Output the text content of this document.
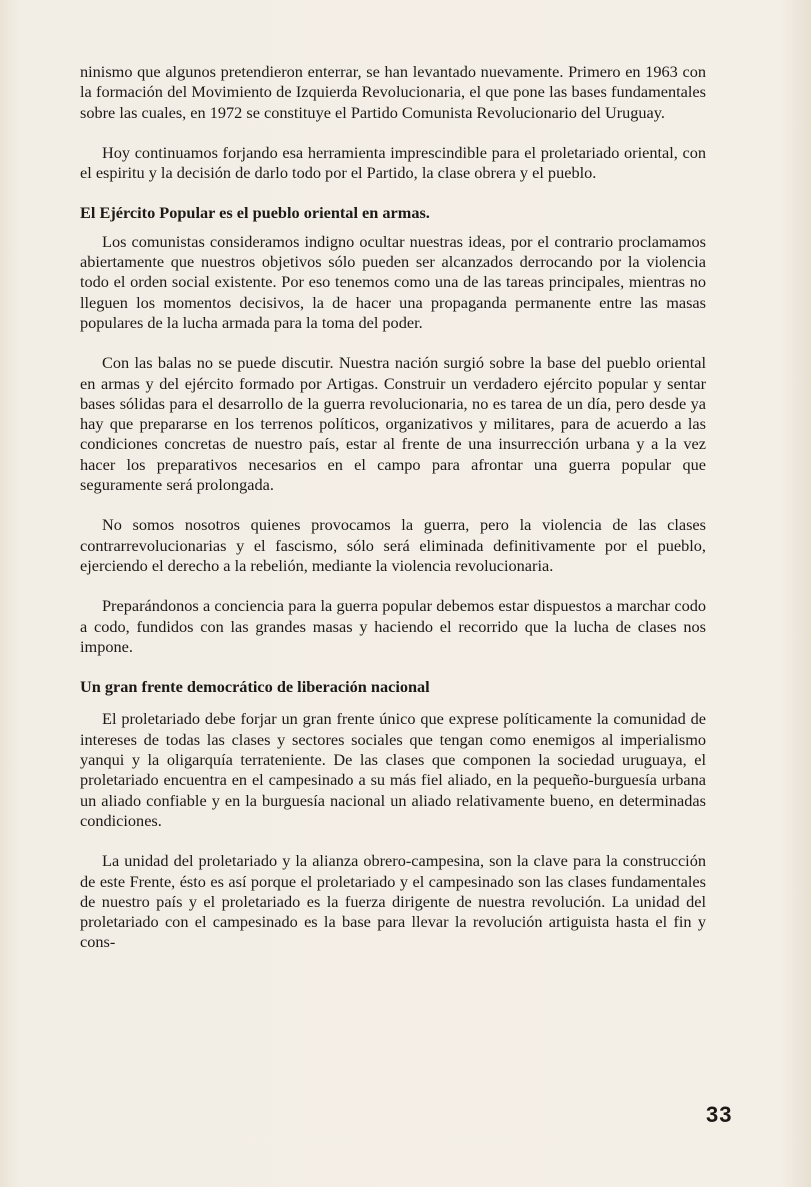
ninismo que algunos pretendieron enterrar, se han levantado nuevamente. Primero en 1963 con la formación del Movimiento de Izquierda Revolucionaria, el que pone las bases fundamentales sobre las cuales, en 1972 se constituye el Partido Comunista Revolucionario del Uruguay.

Hoy continuamos forjando esa herramienta imprescindible para el proletariado oriental, con el espiritu y la decisión de darlo todo por el Partido, la clase obrera y el pueblo.

El Ejército Popular es el pueblo oriental en armas.

Los comunistas consideramos indigno ocultar nuestras ideas, por el contrario proclamamos abiertamente que nuestros objetivos sólo pueden ser alcanzados derrocando por la violencia todo el orden social existente. Por eso tenemos como una de las tareas principales, mientras no lleguen los momentos decisivos, la de hacer una propaganda permanente entre las masas populares de la lucha armada para la toma del poder.

Con las balas no se puede discutir. Nuestra nación surgió sobre la base del pueblo oriental en armas y del ejército formado por Artigas. Construir un verdadero ejército popular y sentar bases sólidas para el desarrollo de la guerra revolucionaria, no es tarea de un día, pero desde ya hay que prepararse en los terrenos políticos, organizativos y militares, para de acuerdo a las condiciones concretas de nuestro país, estar al frente de una insurrección urbana y a la vez hacer los preparativos necesarios en el campo para afrontar una guerra popular que seguramente será prolongada.

No somos nosotros quienes provocamos la guerra, pero la violencia de las clases contrarrevolucionarias y el fascismo, sólo será eliminada definitivamente por el pueblo, ejerciendo el derecho a la rebelión, mediante la violencia revolucionaria.

Preparándonos a conciencia para la guerra popular debemos estar dispuestos a marchar codo a codo, fundidos con las grandes masas y haciendo el recorrido que la lucha de clases nos impone.

Un gran frente democrático de liberación nacional

El proletariado debe forjar un gran frente único que exprese políticamente la comunidad de intereses de todas las clases y sectores sociales que tengan como enemigos al imperialismo yanqui y la oligarquía terrateniente. De las clases que componen la sociedad uruguaya, el proletariado encuentra en el campesinado a su más fiel aliado, en la pequeño-burguesía urbana un aliado confiable y en la burguesía nacional un aliado relativamente bueno, en determinadas condiciones.

La unidad del proletariado y la alianza obrero-campesina, son la clave para la construcción de este Frente, ésto es así porque el proletariado y el campesinado son las clases fundamentales de nuestro país y el proletariado es la fuerza dirigente de nuestra revolución. La unidad del proletariado con el campesinado es la base para llevar la revolución artiguista hasta el fin y cons-

33
